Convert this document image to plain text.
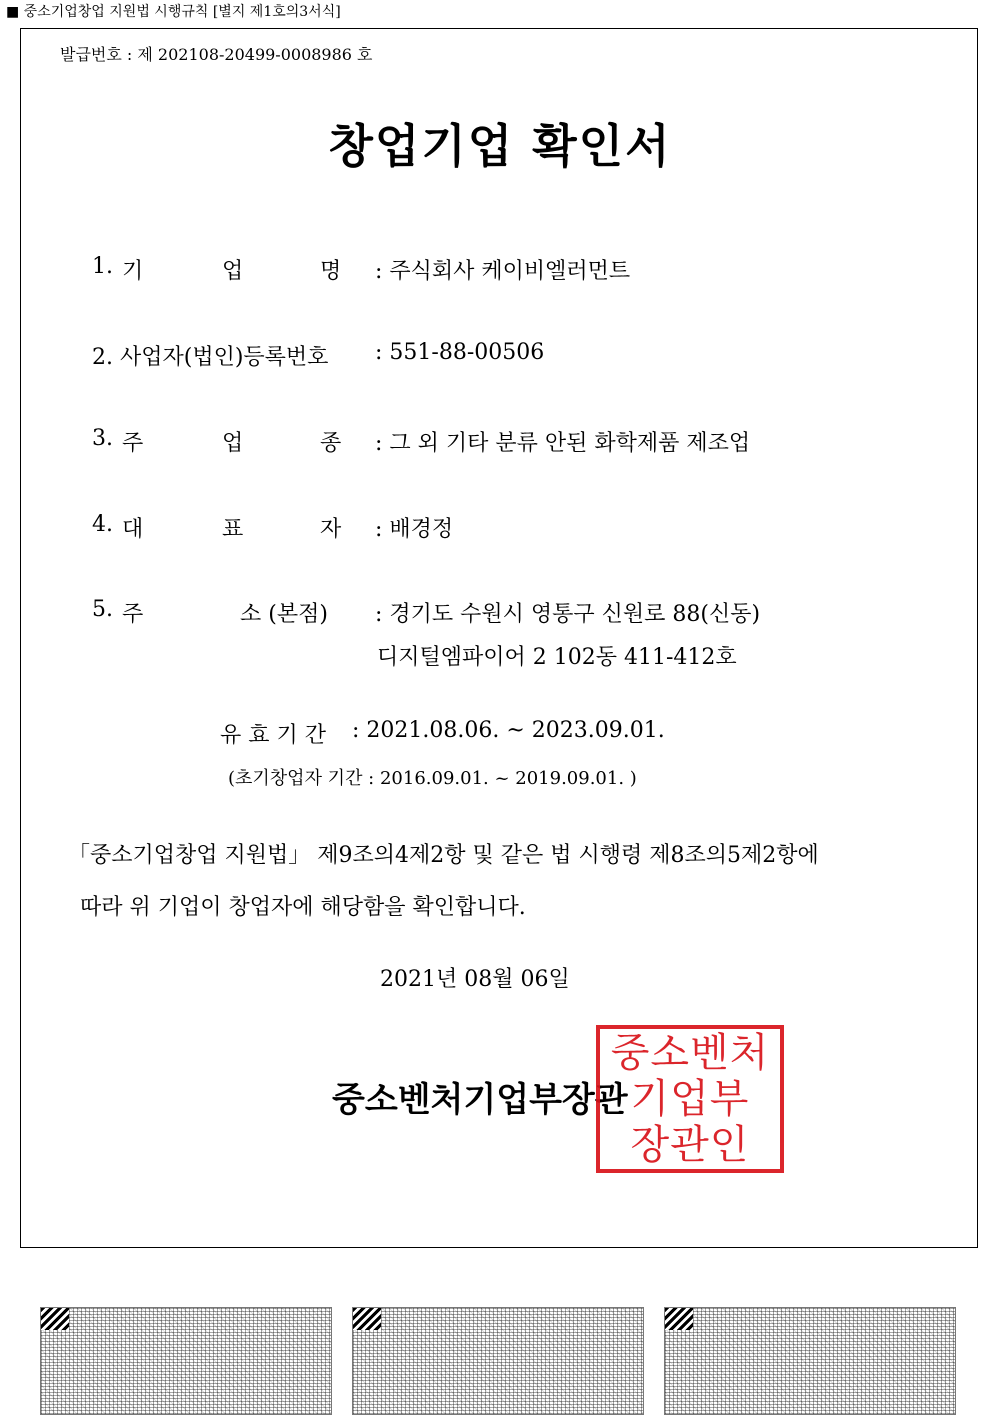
■ 중소기업창업 지원법 시행규칙 [별지 제1호의3서식]
발급번호 : 제 202108-20499-0008986 호
창업기업 확인서
1. 기	업	명 : 주식회사 케이비엘러먼트
2. 사업자(법인)등록번호 : 551-88-00506
3. 주	업	종 : 그 외 기타 분류 안된 화학제품 제조업
4. 대	표	자 : 배경정
5. 주	소 (본점) : 경기도 수원시 영통구 신원로 88(신동)
디지털엠파이어 2 102동 411-412호
유 효 기 간 : 2021.08.06. ~ 2023.09.01.
(초기창업자 기간 : 2016.09.01. ~ 2019.09.01. )
「중소기업창업 지원법」 제9조의4제2항 및 같은 법 시행령 제8조의5제2항에
따라 위 기업이 창업자에 해당함을 확인합니다.
2021년 08월 06일
중소벤처기업부장관
중소벤처
기업부
장관인
